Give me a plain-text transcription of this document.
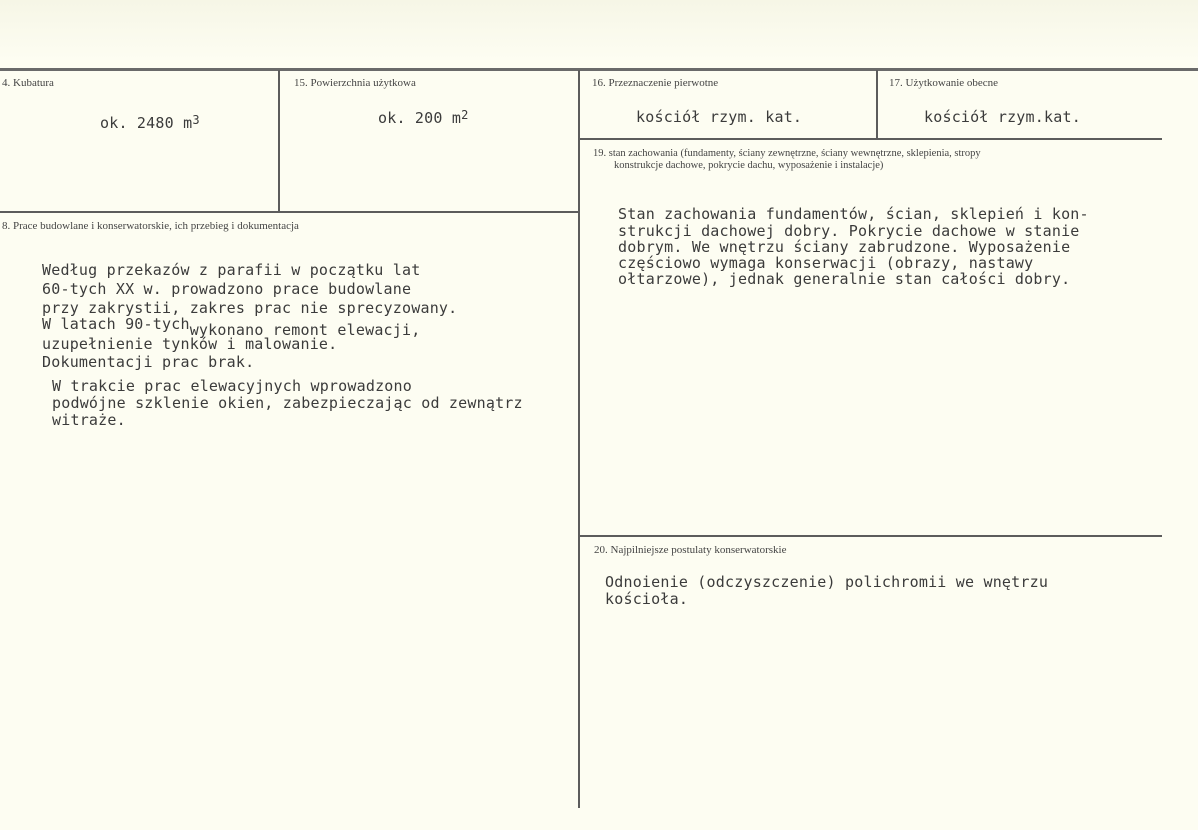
4. Kubatura
ok. 2480 $m^3$
15. Powierzchnia użytkowa
ok. 200 $m^2$
16. Przeznaczenie pierwotne
kościół rzym. kat.
17. Użytkowanie obecne
kościół rzym.kat.
8. Prace budowlane i konserwatorskie, ich przebieg i dokumentacja
Według przekazów z parafii w początku lat
60-tych XX w. prowadzono prace budowlane
przy zakrystii, zakres prac nie sprecyzowany.
W latach 90-tych$_{wykonano remont elewacji,}$
uzupełnienie tynków i malowanie.
Dokumentacji prac brak.
W trakcie prac elewacyjnych wprowadzono
podwójne szklenie okien, zabezpieczając od zewnątrz
witraże.
19. stan zachowania (fundamenty, ściany zewnętrzne, ściany wewnętrzne, sklepienia, stropy
konstrukcje dachowe, pokrycie dachu, wyposażenie i instalacje)
Stan zachowania fundamentów, ścian, sklepień i kon-
strukcji dachowej dobry. Pokrycie dachowe w stanie
dobrym. We wnętrzu ściany zabrudzone. Wyposażenie
częściowo wymaga konserwacji (obrazy, nastawy
ołtarzowe), jednak generalnie stan całości dobry.
20. Najpilniejsze postulaty konserwatorskie
Odnoienie (odczyszczenie) polichromii we wnętrzu
kościoła.
